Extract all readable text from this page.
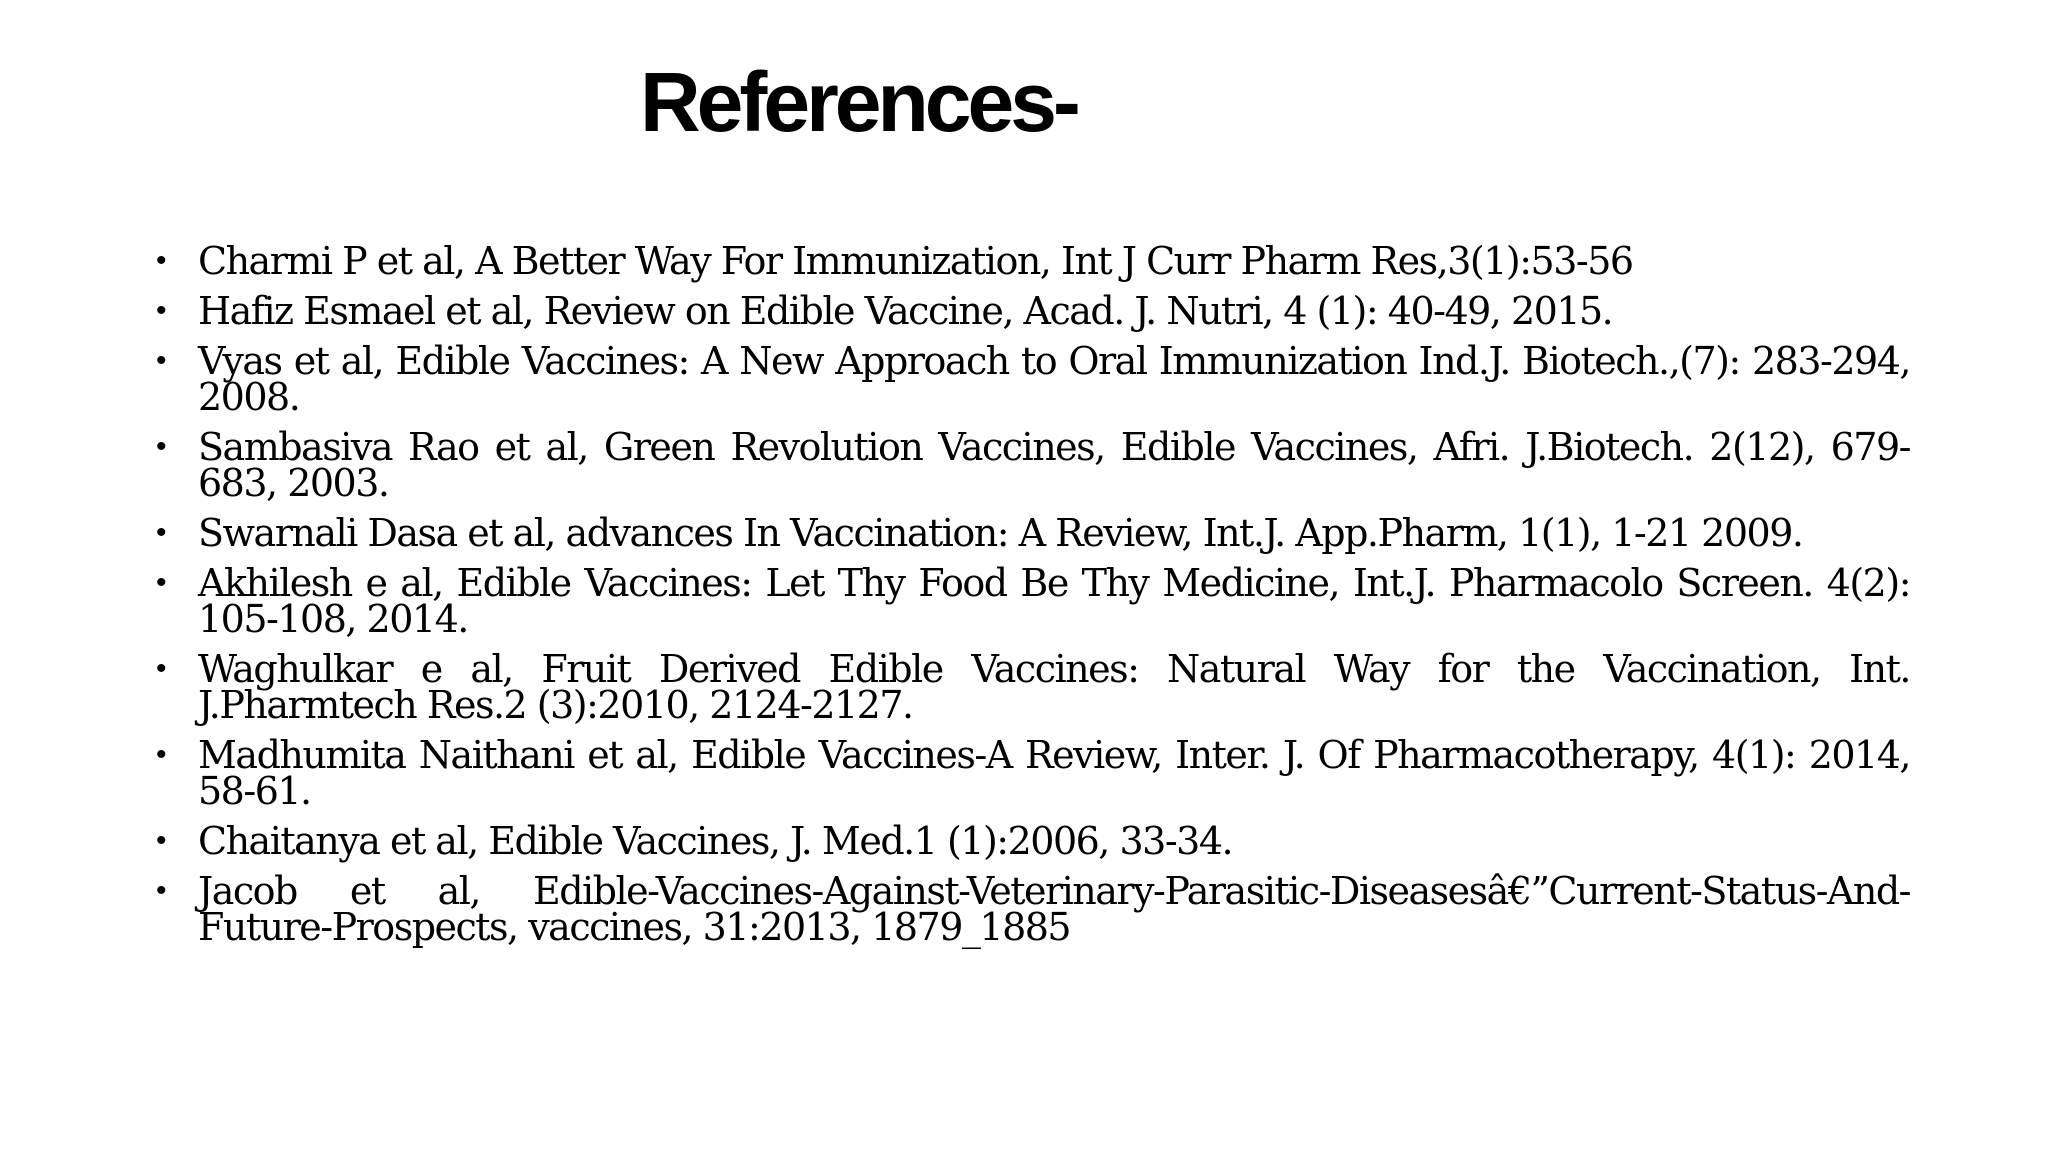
References-
• Charmi P et al, A Better Way For Immunization, Int J Curr Pharm Res,3(1):53-56
• Hafiz Esmael et al, Review on Edible Vaccine, Acad. J. Nutri, 4 (1): 40-49, 2015.
• Vyas et al, Edible Vaccines: A New Approach to Oral Immunization Ind.J. Biotech.,(7): 283-294, 2008.
• Sambasiva Rao et al, Green Revolution Vaccines, Edible Vaccines, Afri. J.Biotech. 2(12), 679-683, 2003.
• Swarnali Dasa et al, advances In Vaccination: A Review, Int.J. App.Pharm, 1(1), 1-21 2009.
• Akhilesh e al, Edible Vaccines: Let Thy Food Be Thy Medicine, Int.J. Pharmacolo Screen. 4(2): 105-108, 2014.
• Waghulkar e al, Fruit Derived Edible Vaccines: Natural Way for the Vaccination, Int. J.Pharmtech Res.2 (3):2010, 2124-2127.
• Madhumita Naithani et al, Edible Vaccines-A Review, Inter. J. Of Pharmacotherapy, 4(1): 2014, 58-61.
• Chaitanya et al, Edible Vaccines, J. Med.1 (1):2006, 33-34.
• Jacob et al, Edible-Vaccines-Against-Veterinary-Parasitic-Diseasesâ€”Current-Status-And-Future-Prospects, vaccines, 31:2013, 1879_1885
